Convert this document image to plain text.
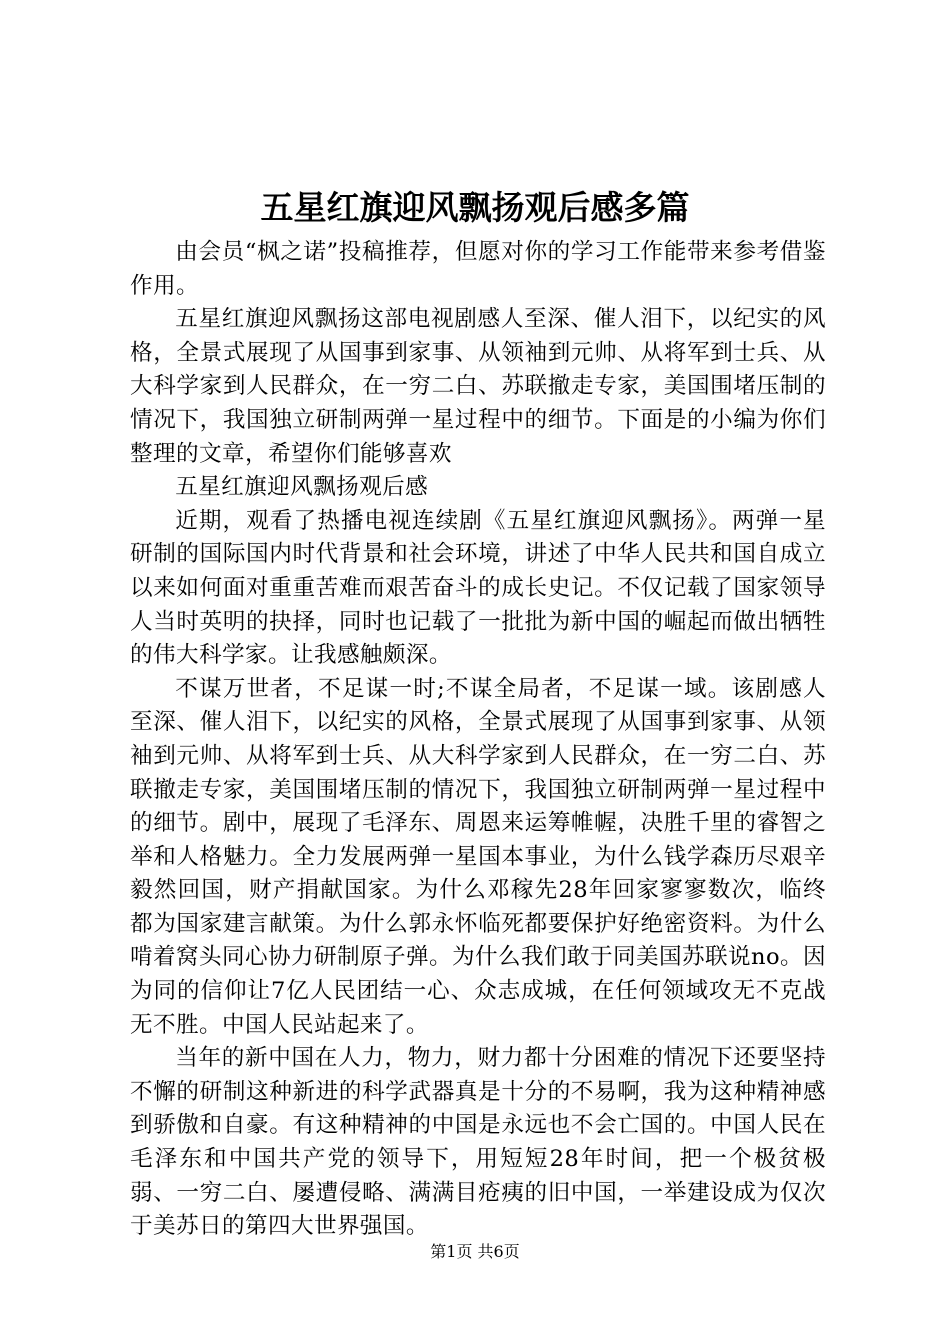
五星红旗迎风飘扬观后感多篇

由会员“枫之诺”投稿推荐，但愿对你的学习工作能带来参考借鉴作用。

五星红旗迎风飘扬这部电视剧感人至深、催人泪下，以纪实的风格，全景式展现了从国事到家事、从领袖到元帅、从将军到士兵、从大科学家到人民群众，在一穷二白、苏联撤走专家，美国围堵压制的情况下，我国独立研制两弹一星过程中的细节。下面是的小编为你们整理的文章，希望你们能够喜欢

五星红旗迎风飘扬观后感

近期，观看了热播电视连续剧《五星红旗迎风飘扬》。两弹一星研制的国际国内时代背景和社会环境，讲述了中华人民共和国自成立以来如何面对重重苦难而艰苦奋斗的成长史记。不仅记载了国家领导人当时英明的抉择，同时也记载了一批批为新中国的崛起而做出牺牲的伟大科学家。让我感触颇深。

不谋万世者，不足谋一时;不谋全局者，不足谋一域。该剧感人至深、催人泪下，以纪实的风格，全景式展现了从国事到家事、从领袖到元帅、从将军到士兵、从大科学家到人民群众，在一穷二白、苏联撤走专家，美国围堵压制的情况下，我国独立研制两弹一星过程中的细节。剧中，展现了毛泽东、周恩来运筹帷幄，决胜千里的睿智之举和人格魅力。全力发展两弹一星国本事业，为什么钱学森历尽艰辛毅然回国，财产捐献国家。为什么邓稼先28年回家寥寥数次，临终都为国家建言献策。为什么郭永怀临死都要保护好绝密资料。为什么啃着窝头同心协力研制原子弹。为什么我们敢于同美国苏联说no。因为同的信仰让7亿人民团结一心、众志成城，在任何领域攻无不克战无不胜。中国人民站起来了。

当年的新中国在人力，物力，财力都十分困难的情况下还要坚持不懈的研制这种新进的科学武器真是十分的不易啊，我为这种精神感到骄傲和自豪。有这种精神的中国是永远也不会亡国的。中国人民在毛泽东和中国共产党的领导下，用短短28年时间，把一个极贫极弱、一穷二白、屡遭侵略、满满目疮痍的旧中国，一举建设成为仅次于美苏日的第四大世界强国。

第1页 共6页
